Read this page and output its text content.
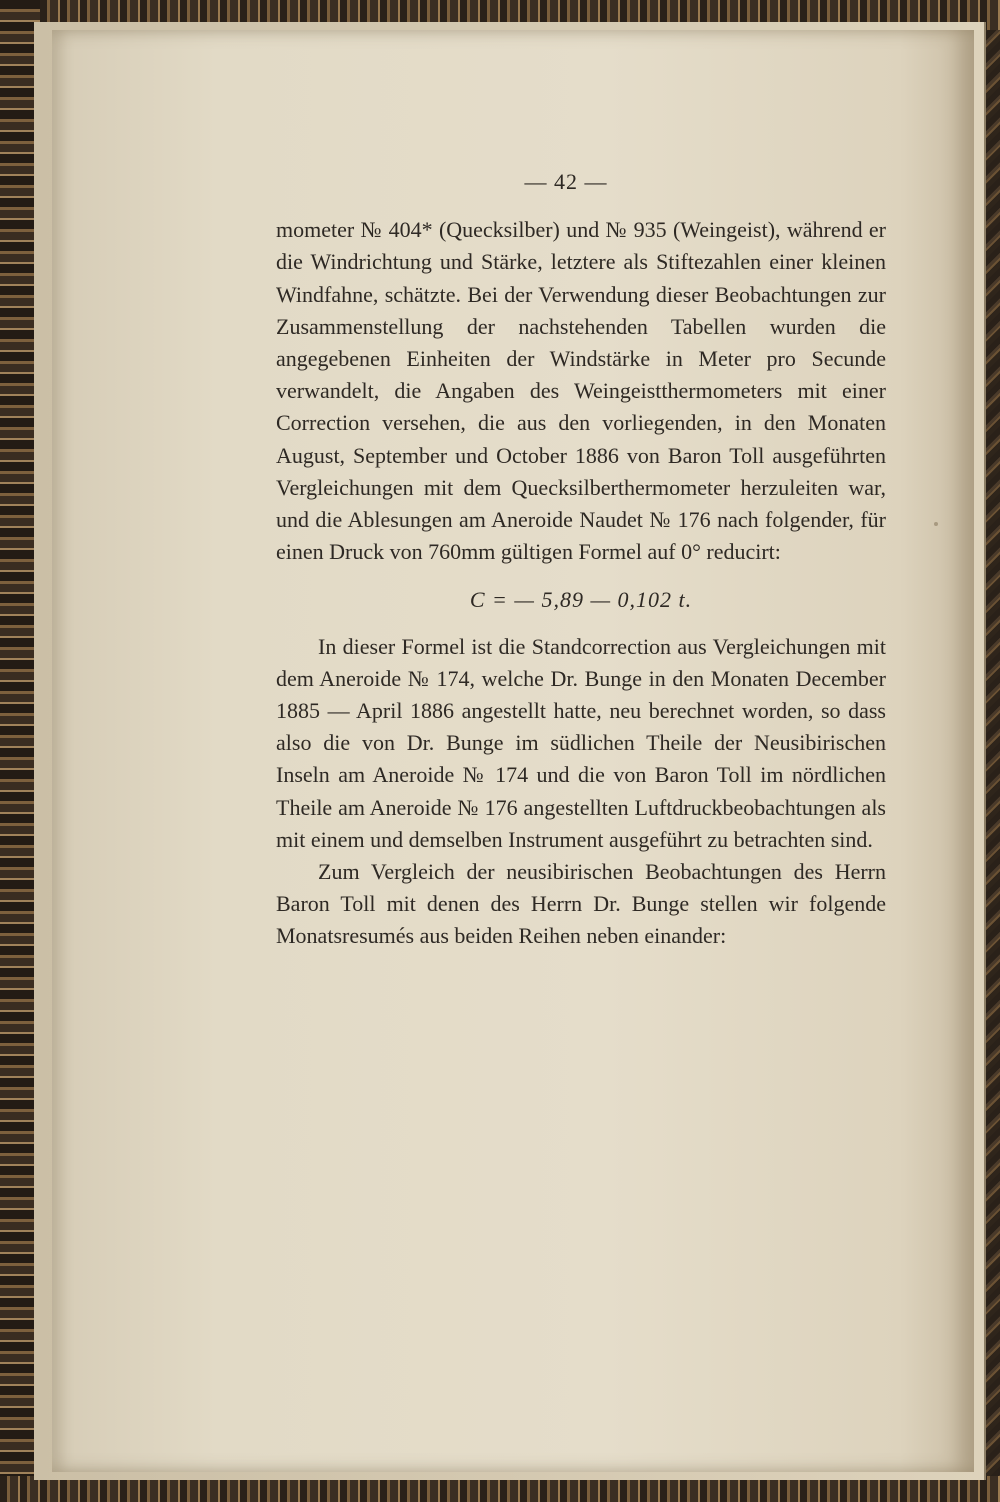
— 42 —

mometer № 404* (Quecksilber) und № 935 (Weingeist), während er die Windrichtung und Stärke, letztere als Stiftezahlen einer kleinen Windfahne, schätzte. Bei der Verwendung dieser Beobachtungen zur Zusammenstellung der nachstehenden Tabellen wurden die angegebenen Einheiten der Windstärke in Meter pro Secunde verwandelt, die Angaben des Weingeistthermometers mit einer Correction versehen, die aus den vorliegenden, in den Monaten August, September und October 1886 von Baron Toll ausgeführten Vergleichungen mit dem Quecksilberthermometer herzuleiten war, und die Ablesungen am Aneroide Naudet № 176 nach folgender, für einen Druck von 760mm gültigen Formel auf 0° reducirt:

C = — 5,89 — 0,102 t.

In dieser Formel ist die Standcorrection aus Vergleichungen mit dem Aneroide № 174, welche Dr. Bunge in den Monaten December 1885 — April 1886 angestellt hatte, neu berechnet worden, so dass also die von Dr. Bunge im südlichen Theile der Neusibirischen Inseln am Aneroide № 174 und die von Baron Toll im nördlichen Theile am Aneroide № 176 angestellten Luftdruckbeobachtungen als mit einem und demselben Instrument ausgeführt zu betrachten sind.

Zum Vergleich der neusibirischen Beobachtungen des Herrn Baron Toll mit denen des Herrn Dr. Bunge stellen wir folgende Monatsresumés aus beiden Reihen neben einander:
